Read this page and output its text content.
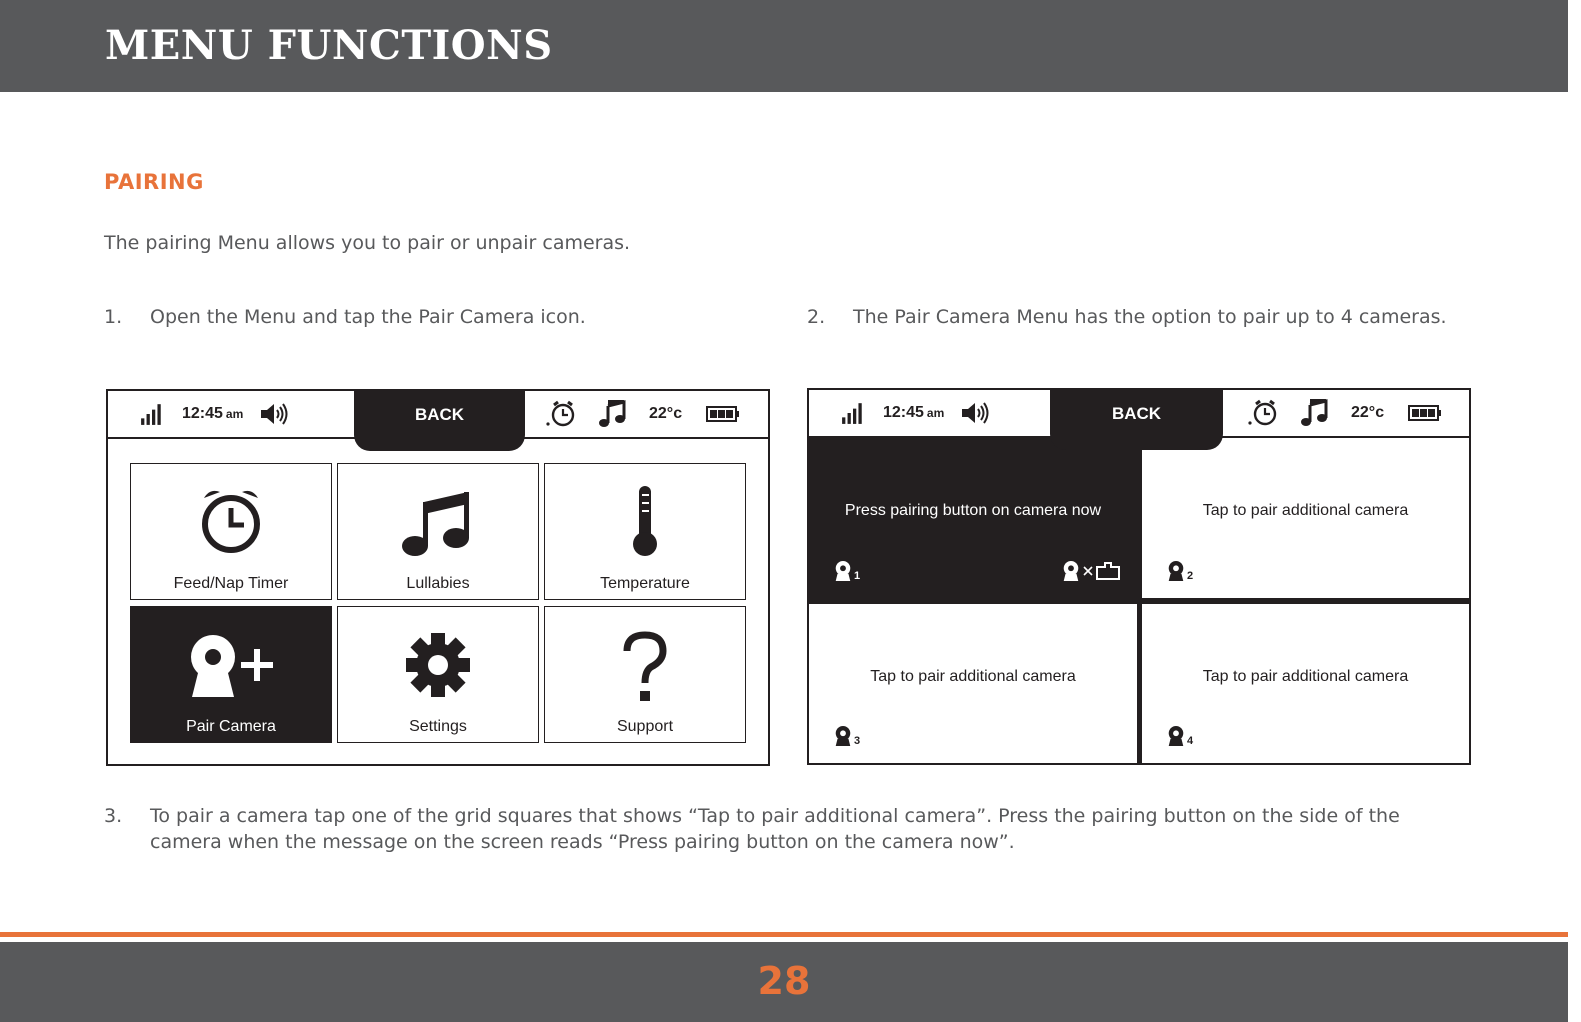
MENU FUNCTIONS
PAIRING
The pairing Menu allows you to pair or unpair cameras.
1. Open the Menu and tap the Pair Camera icon.	2. The Pair Camera Menu has the option to pair up to 4 cameras.
12:45 am	22°c
BACK
Feed/Nap Timer	Lullabies	Temperature
Pair Camera	Settings	Support
12:45 am	22°c
Press pairing button on camera now
1
Tap to pair additional camera
2
Tap to pair additional camera
3
Tap to pair additional camera
4
BACK
3. To pair a camera tap one of the grid squares that shows “Tap to pair additional camera”. Press the pairing button on the side of the camera when the message on the screen reads “Press pairing button on the camera now”.
28
